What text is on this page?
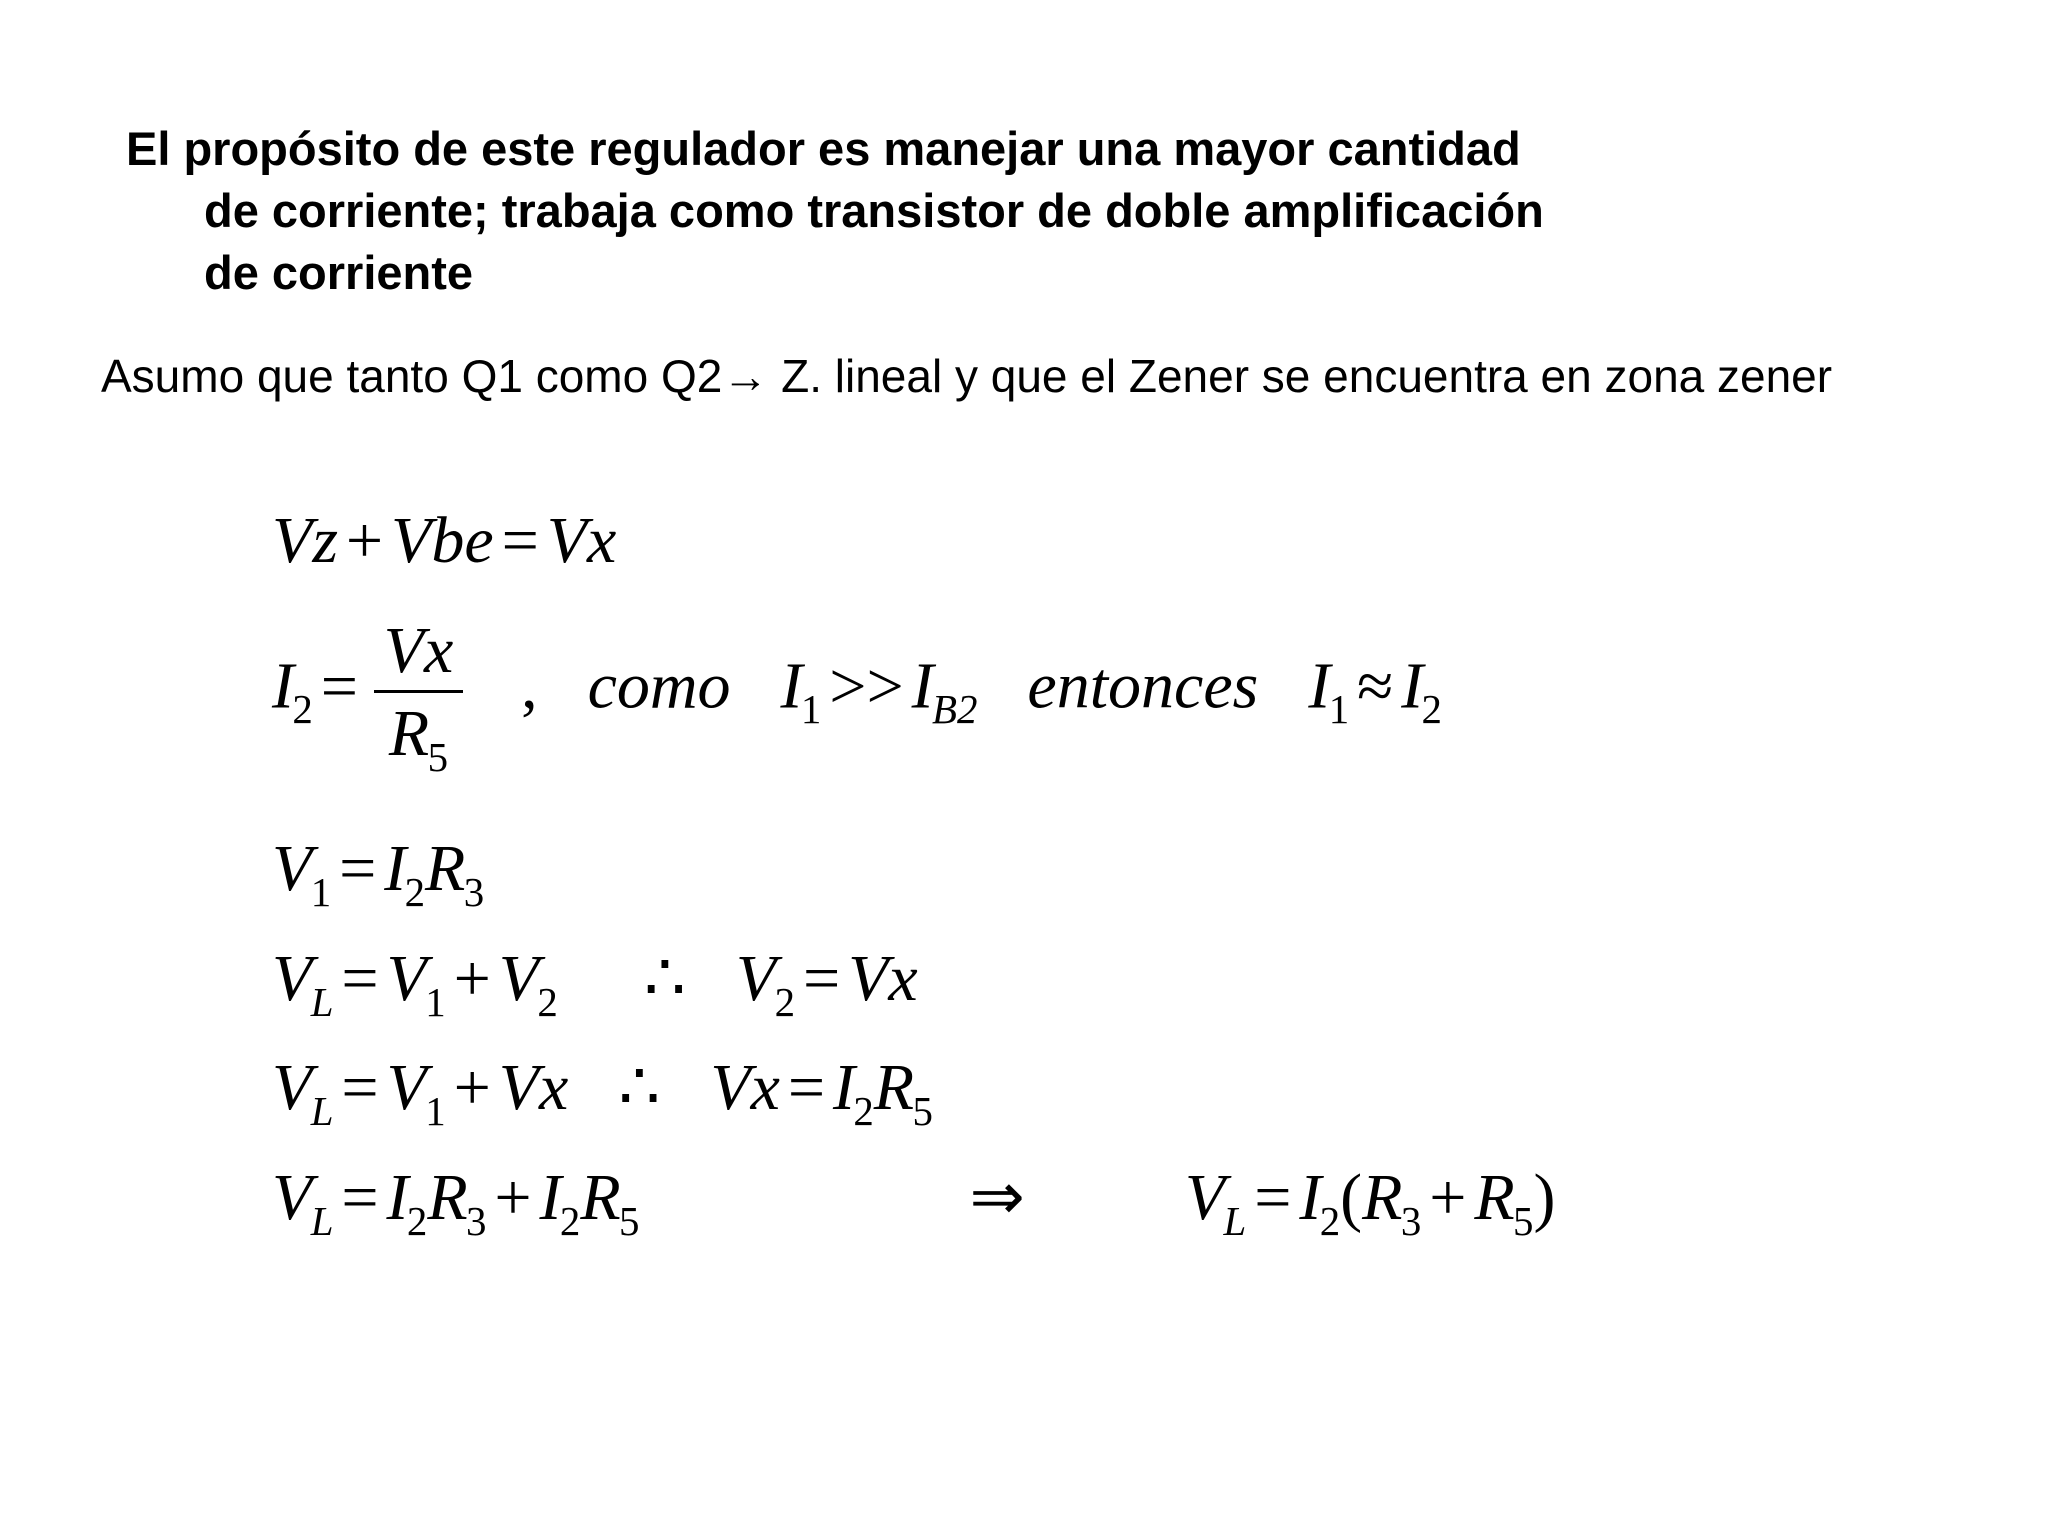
El propósito de este regulador es manejar una mayor cantidad
de corriente; trabaja como transistor de doble amplificación
de corriente
Asumo que tanto Q1 como Q2→ Z. lineal y que el Zener se encuentra en zona zener
Vz + Vbe = Vx
$I_2 = \frac{Vx}{R_5}$ , como $I_1 >> I_{B2}$ entonces $I_1 \approx I_2$
$V_1 = I_2R_3$
$V_L = V_1 + V_2$ ∴ $V_2 = Vx$
$V_L = V_1 + Vx$ ∴ $Vx = I_2R_5$
$V_L = I_2R_3 + I_2R_5$	⇒ $V_L = I_2(R_3 + R_5)$
